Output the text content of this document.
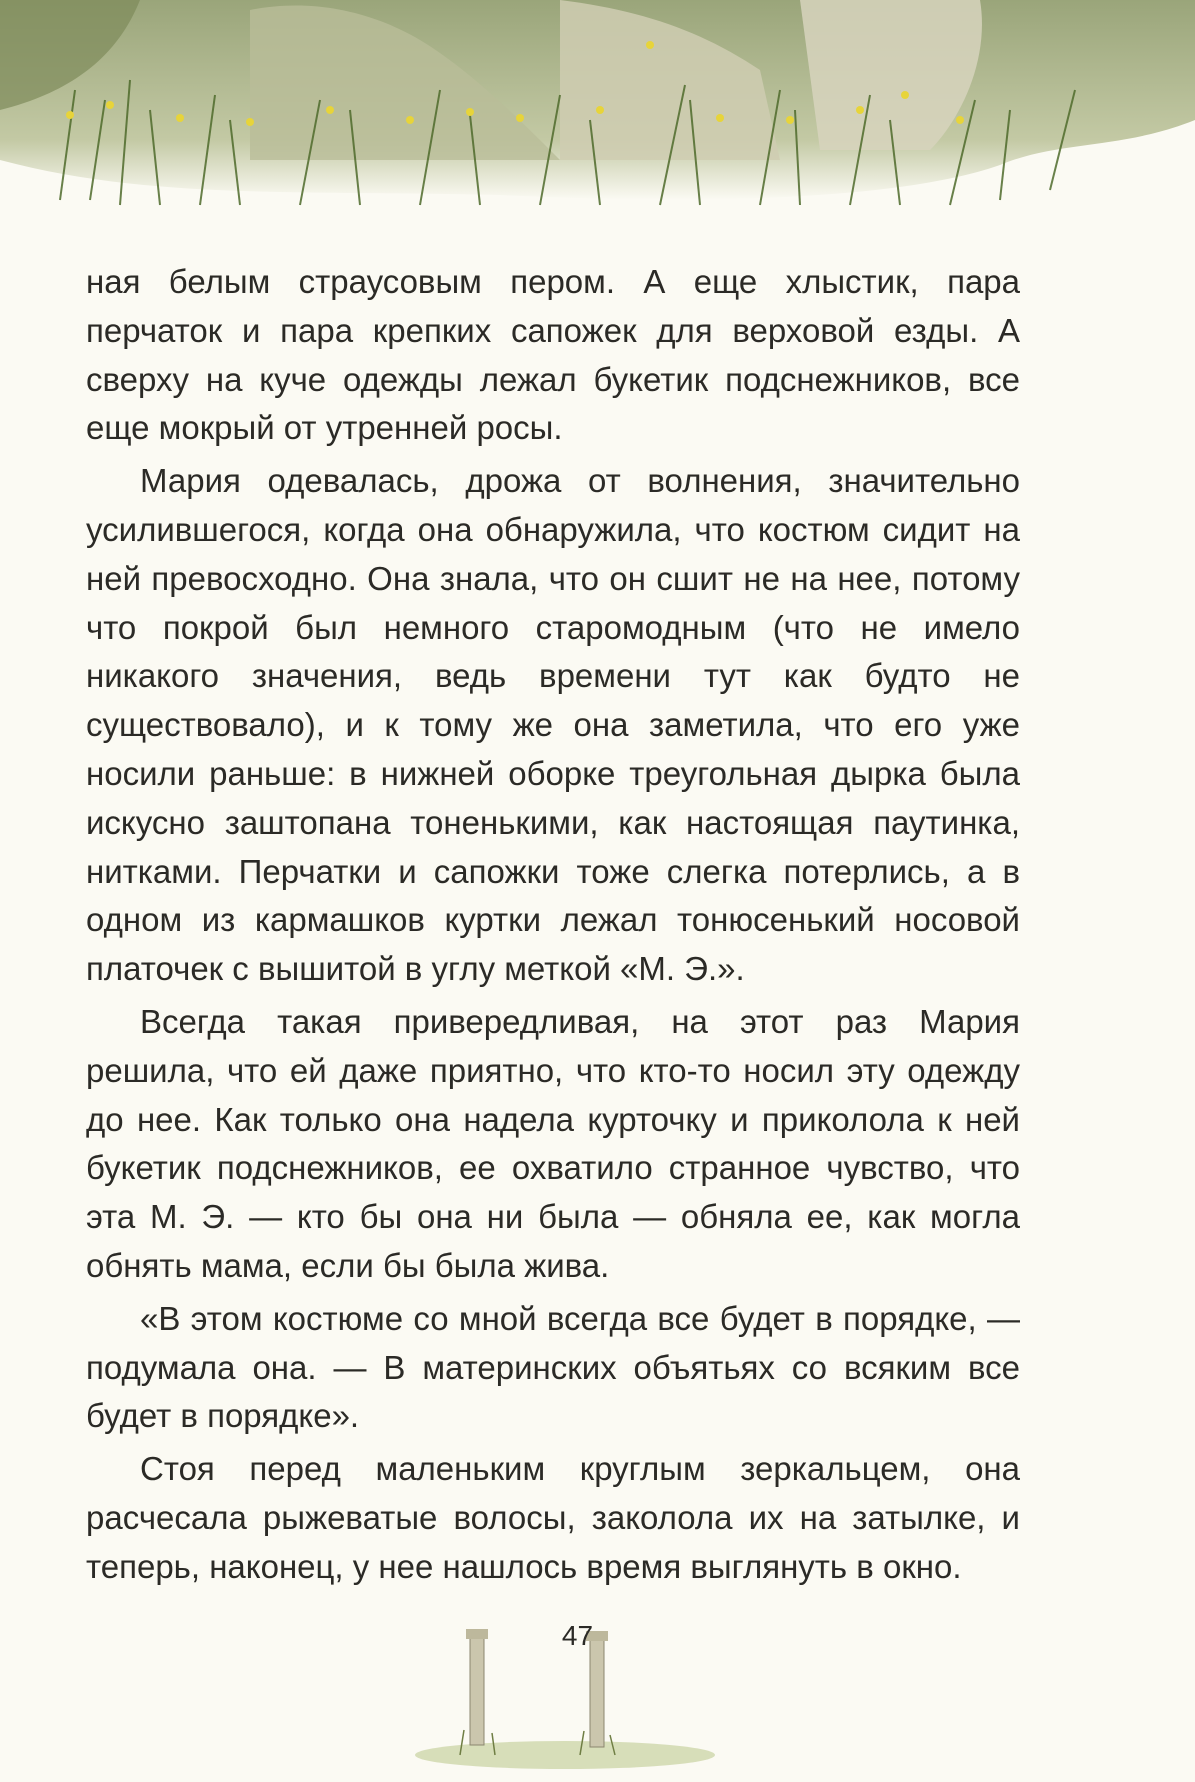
ная белым страусовым пером. А еще хлыстик, пара перчаток и пара крепких сапожек для верховой езды. А сверху на куче одежды лежал букетик подснежников, все еще мокрый от утренней росы.

Мария одевалась, дрожа от волнения, значительно усилившегося, когда она обнаружила, что костюм сидит на ней превосходно. Она знала, что он сшит не на нее, потому что покрой был немного старомодным (что не имело никакого значения, ведь времени тут как будто не существовало), и к тому же она заметила, что его уже носили раньше: в нижней оборке треугольная дырка была искусно заштопана тоненькими, как настоящая паутинка, нитками. Перчатки и сапожки тоже слегка потерлись, а в одном из кармашков куртки лежал тонюсенький носовой платочек с вышитой в углу меткой «М. Э.».

Всегда такая привередливая, на этот раз Мария решила, что ей даже приятно, что кто-то носил эту одежду до нее. Как только она надела курточку и приколола к ней букетик подснежников, ее охватило странное чувство, что эта М. Э. — кто бы она ни была — обняла ее, как могла обнять мама, если бы была жива.

«В этом костюме со мной всегда все будет в порядке, — подумала она. — В материнских объятьях со всяким все будет в порядке».

Стоя перед маленьким круглым зеркальцем, она расчесала рыжеватые волосы, заколола их на затылке, и теперь, наконец, у нее нашлось время выглянуть в окно.

47
